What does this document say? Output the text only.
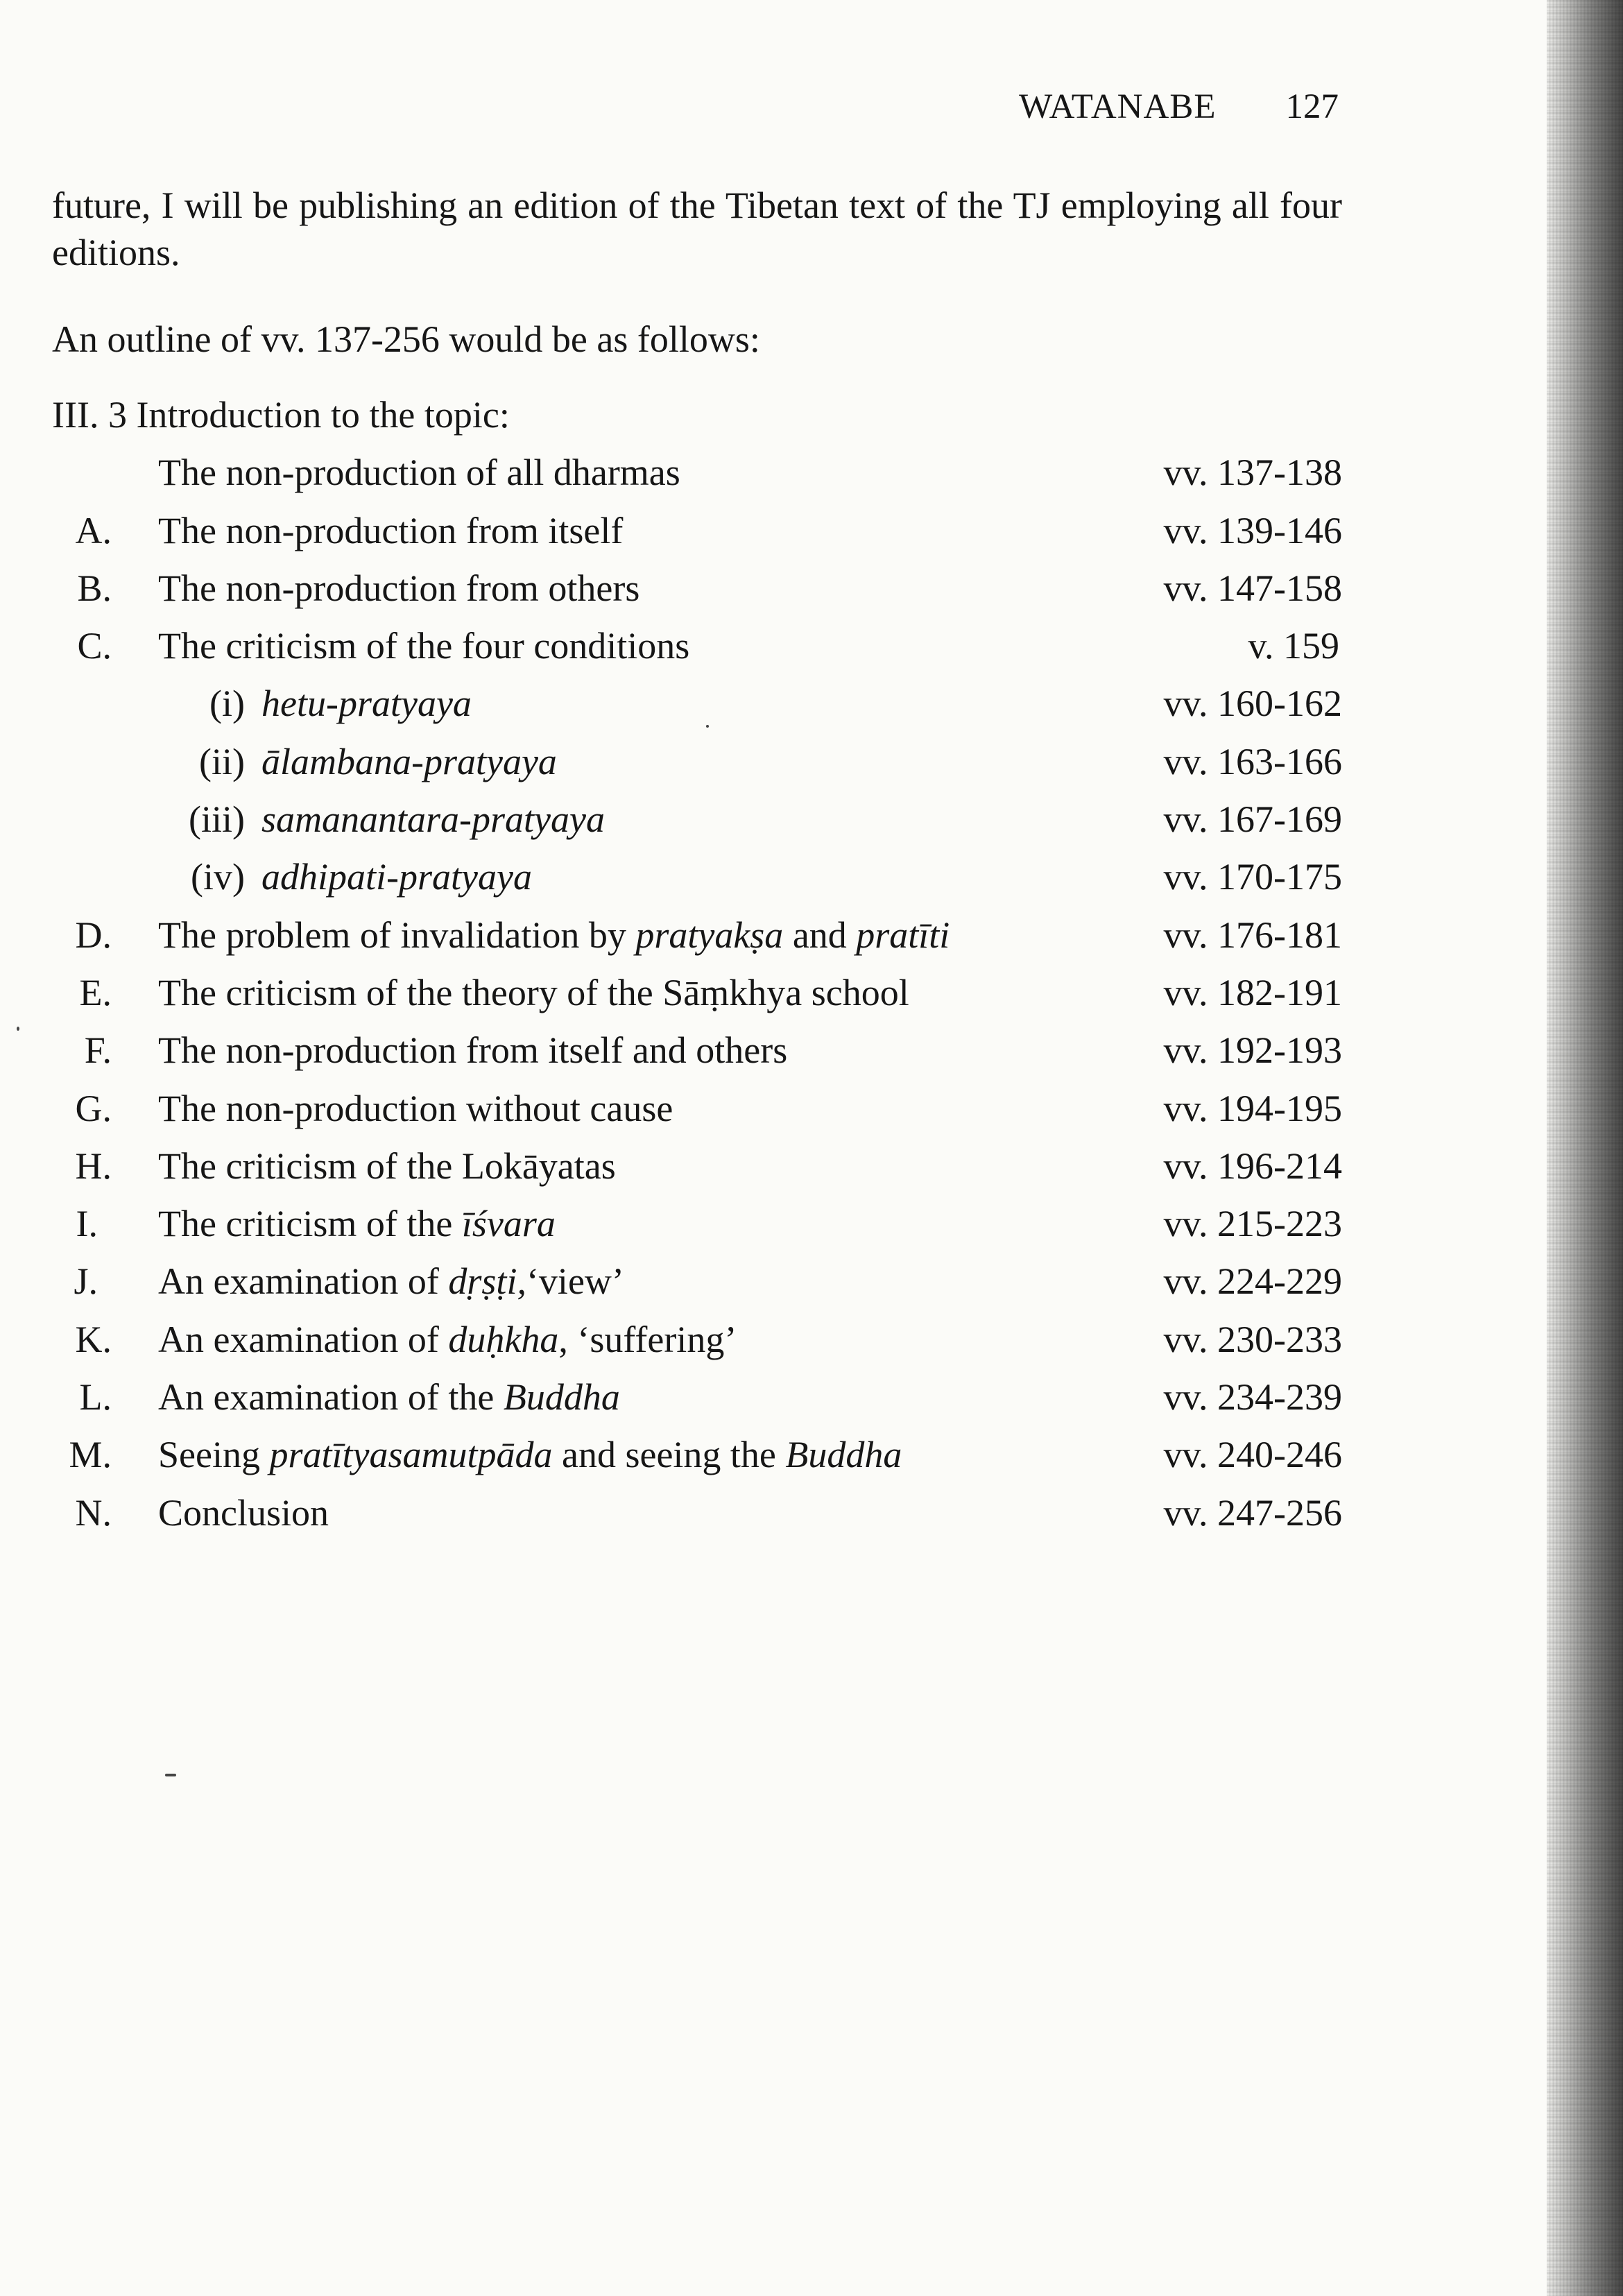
WATANABE 127
future, I will be publishing an edition of the Tibetan text of the TJ employing all four editions.
An outline of vv. 137-256 would be as follows:
III. 3 Introduction to the topic:
The non-production of all dharmas	vv. 137-138
A. The non-production from itself	vv. 139-146
B. The non-production from others	vv. 147-158
C. The criticism of the four conditions	v. 159
(i) hetu-pratyaya	vv. 160-162
(ii) ālambana-pratyaya	vv. 163-166
(iii) samanantara-pratyaya	vv. 167-169
(iv) adhipati-pratyaya	vv. 170-175
D. The problem of invalidation by pratyakṣa and pratīti	vv. 176-181
E. The criticism of the theory of the Sāṃkhya school	vv. 182-191
F. The non-production from itself and others	vv. 192-193
G. The non-production without cause	vv. 194-195
H. The criticism of the Lokāyatas	vv. 196-214
I. The criticism of the īśvara	vv. 215-223
J. An examination of dṛṣṭi,‘view’	vv. 224-229
K. An examination of duḥkha, ‘suffering’	vv. 230-233
L. An examination of the Buddha	vv. 234-239
M. Seeing pratītyasamutpāda and seeing the Buddha	vv. 240-246
N. Conclusion	vv. 247-256
